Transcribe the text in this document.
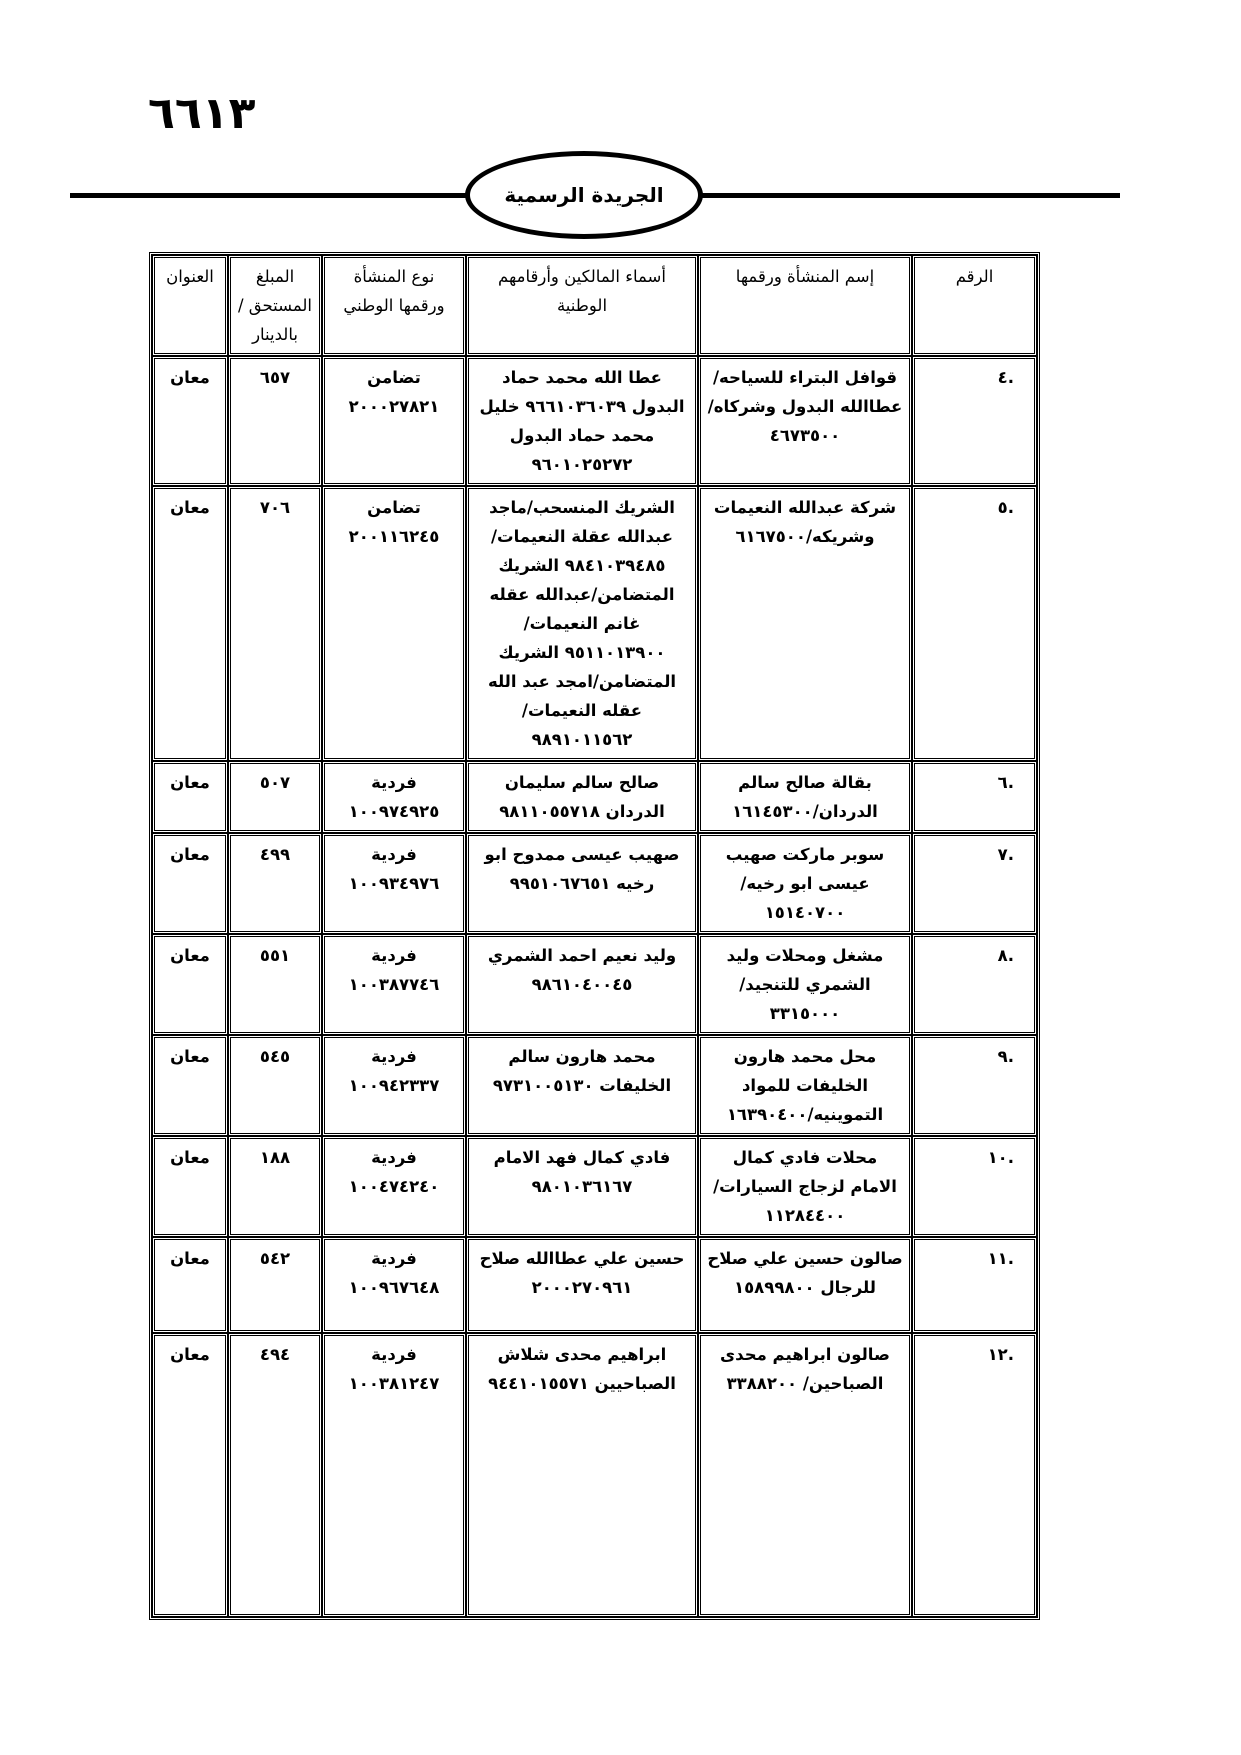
٦٦١٣
الجريدة الرسمية
الرقم	إسم المنشأة ورقمها	أسماء المالكين وأرقامهم الوطنية	نوع المنشأة ورقمها الوطني	المبلغ المستحق /بالدينار	العنوان
.٤	قوافل البتراء للسياحه/عطاالله البدول وشركاه/٤٦٧٣٥٠٠	عطا الله محمد حماد البدول ٩٦٦١٠٣٦٠٣٩ خليل محمد حماد البدول ٩٦٠١٠٢٥٢٧٢	تضامن ٢٠٠٠٢٧٨٢١	٦٥٧	معان
.٥	شركة عبدالله النعيمات وشريكه/٦١٦٧٥٠٠	الشريك المنسحب/ماجد عبدالله عقلة النعيمات/٩٨٤١٠٣٩٤٨٥ الشريك المتضامن/عبدالله عقله غانم النعيمات/٩٥١١٠١٣٩٠٠ الشريك المتضامن/امجد عبد الله عقله النعيمات/٩٨٩١٠١١٥٦٢	تضامن ٢٠٠١١٦٢٤٥	٧٠٦	معان
.٦	بقالة صالح سالم الدردان/١٦١٤٥٣٠٠	صالح سالم سليمان الدردان ٩٨١١٠٥٥٧١٨	فردية ١٠٠٩٧٤٩٢٥	٥٠٧	معان
.٧	سوبر ماركت صهيب عيسى ابو رخيه/١٥١٤٠٧٠٠	صهيب عيسى ممدوح ابو رخيه ٩٩٥١٠٦٧٦٥١	فردية ١٠٠٩٣٤٩٧٦	٤٩٩	معان
.٨	مشغل ومحلات وليد الشمري للتنجيد/٣٣١٥٠٠٠	وليد نعيم احمد الشمري ٩٨٦١٠٤٠٠٤٥	فردية ١٠٠٣٨٧٧٤٦	٥٥١	معان
.٩	محل محمد هارون الخليفات للمواد التموينيه/١٦٣٩٠٤٠٠	محمد هارون سالم الخليفات ٩٧٣١٠٠٥١٣٠	فردية ١٠٠٩٤٢٣٣٧	٥٤٥	معان
.١٠	محلات فادي كمال الامام لزجاج السيارات/١١٢٨٤٤٠٠	فادي كمال فهد الامام ٩٨٠١٠٣٦١٦٧	فردية ١٠٠٤٧٤٢٤٠	١٨٨	معان
.١١	صالون حسين علي صلاح للرجال ١٥٨٩٩٨٠٠	حسين علي عطاالله صلاح ٢٠٠٠٢٧٠٩٦١	فردية ١٠٠٩٦٧٦٤٨	٥٤٢	معان
.١٢	صالون ابراهيم محدى الصباحين/ ٣٣٨٨٢٠٠	ابراهيم محدى شلاش الصباحيين ٩٤٤١٠١٥٥٧١	فردية ١٠٠٣٨١٢٤٧	٤٩٤	معان
